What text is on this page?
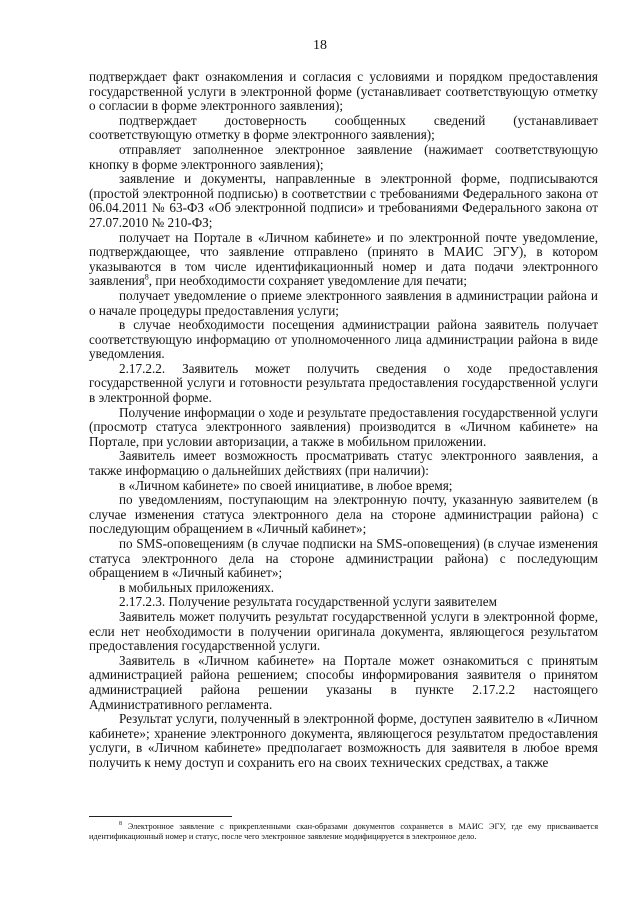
18

подтверждает факт ознакомления и согласия с условиями и порядком предоставления государственной услуги в электронной форме (устанавливает соответствующую отметку о согласии в форме электронного заявления);

подтверждает достоверность сообщенных сведений (устанавливает соответствующую отметку в форме электронного заявления);

отправляет заполненное электронное заявление (нажимает соответствующую кнопку в форме электронного заявления);

заявление и документы, направленные в электронной форме, подписываются (простой электронной подписью) в соответствии с требованиями Федерального закона от 06.04.2011 № 63-ФЗ «Об электронной подписи» и требованиями Федерального закона от 27.07.2010 № 210-ФЗ;

получает на Портале в «Личном кабинете» и по электронной почте уведомление, подтверждающее, что заявление отправлено (принято в МАИС ЭГУ), в котором указываются в том числе идентификационный номер и дата подачи электронного заявления$^8$, при необходимости сохраняет уведомление для печати;

получает уведомление о приеме электронного заявления в администрации района и о начале процедуры предоставления услуги;

в случае необходимости посещения администрации района заявитель получает соответствующую информацию от уполномоченного лица администрации района в виде уведомления.

2.17.2.2. Заявитель может получить сведения о ходе предоставления государственной услуги и готовности результата предоставления государственной услуги в электронной форме.

Получение информации о ходе и результате предоставления государственной услуги (просмотр статуса электронного заявления) производится в «Личном кабинете» на Портале, при условии авторизации, а также в мобильном приложении.

Заявитель имеет возможность просматривать статус электронного заявления, а также информацию о дальнейших действиях (при наличии):

в «Личном кабинете» по своей инициативе, в любое время;

по уведомлениям, поступающим на электронную почту, указанную заявителем (в случае изменения статуса электронного дела на стороне администрации района) с последующим обращением в «Личный кабинет»;

по SMS-оповещениям (в случае подписки на SMS-оповещения) (в случае изменения статуса электронного дела на стороне администрации района) с последующим обращением в «Личный кабинет»;

в мобильных приложениях.

2.17.2.3. Получение результата государственной услуги заявителем

Заявитель может получить результат государственной услуги в электронной форме, если нет необходимости в получении оригинала документа, являющегося результатом предоставления государственной услуги.

Заявитель в «Личном кабинете» на Портале может ознакомиться с принятым администрацией района решением; способы информирования заявителя о принятом администрацией района решении указаны в пункте 2.17.2.2 настоящего Административного регламента.

Результат услуги, полученный в электронной форме, доступен заявителю в «Личном кабинете»; хранение электронного документа, являющегося результатом предоставления услуги, в «Личном кабинете» предполагает возможность для заявителя в любое время получить к нему доступ и сохранить его на своих технических средствах, а также

$^8$ Электронное заявление с прикрепленными скан-образами документов сохраняется в МАИС ЭГУ, где ему присваивается идентификационный номер и статус, после чего электронное заявление модифицируется в электронное дело.
